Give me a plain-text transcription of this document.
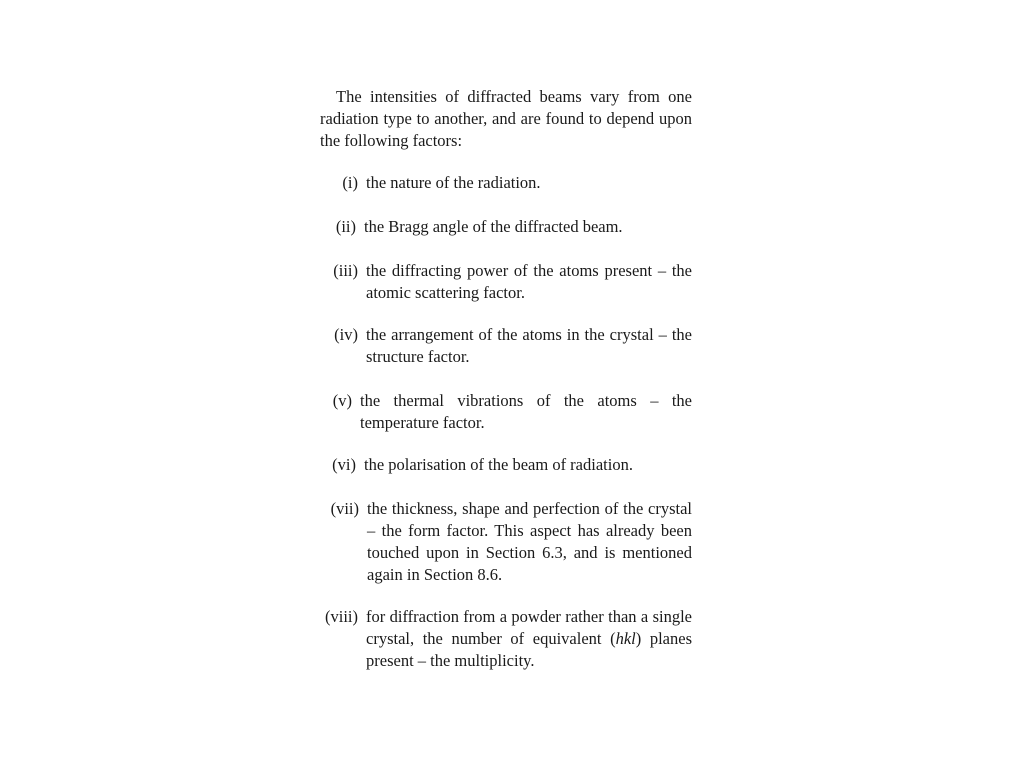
The intensities of diffracted beams vary from one radiation type to another, and are found to depend upon the following factors:

(i) the nature of the radiation.
(ii) the Bragg angle of the diffracted beam.
(iii) the diffracting power of the atoms present – the atomic scattering factor.
(iv) the arrangement of the atoms in the crystal – the structure factor.
(v) the thermal vibrations of the atoms – the temperature factor.
(vi) the polarisation of the beam of radiation.
(vii) the thickness, shape and perfection of the crystal – the form factor. This aspect has already been touched upon in Section 6.3, and is mentioned again in Section 8.6.
(viii) for diffraction from a powder rather than a single crystal, the number of equivalent (hkl) planes present – the multiplicity.
